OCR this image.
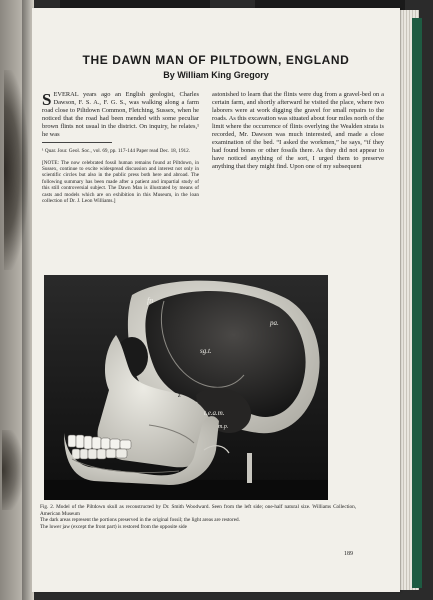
THE DAWN MAN OF PILTDOWN, ENGLAND
By William King Gregory

SEVERAL years ago an English geologist, Charles Dawson, F. S. A., F. G. S., was walking along a farm road close to Piltdown Common, Fletching, Sussex, when he noticed that the road had been mended with some peculiar brown flints not usual in the district. On inquiry, he relates,¹ he was

¹ Quar. Jour. Geol. Soc., vol. 69, pp. 117-144 Paper read Dec. 18, 1912.

[NOTE: The now celebrated fossil human remains found at Piltdown, in Sussex, continue to excite widespread discussion and interest not only in scientific circles but also in the public press both here and abroad. The following summary has been made after a patient and impartial study of this still controversial subject. The Dawn Man is illustrated by means of casts and models which are on exhibition in this Museum, in the loan collection of Dr. J. Leon Williams.]

astonished to learn that the flints were dug from a gravel-bed on a certain farm, and shortly afterward he visited the place, where two laborers were at work digging the gravel for small repairs to the roads. As this excavation was situated about four miles north of the limit where the occurrence of flints overlying the Wealden strata is recorded, Mr. Dawson was much interested, and made a close examination of the bed. “I asked the workmen,” he says, “if they had found bones or other fossils there. As they did not appear to have noticed anything of the sort, I urged them to preserve anything that they might find. Upon one of my subsequent

fn
pa.
sg.t.
z
t.e.a.m.
m.p.
Fig. 2. Model of the Piltdown skull as reconstructed by Dr. Smith Woodward. Seen from the left side; one-half natural size. Williams Collection, American Museum
The dark areas represent the portions preserved in the original fossil; the light areas are restored.
The lower jaw (except the front part) is restored from the opposite side
189
